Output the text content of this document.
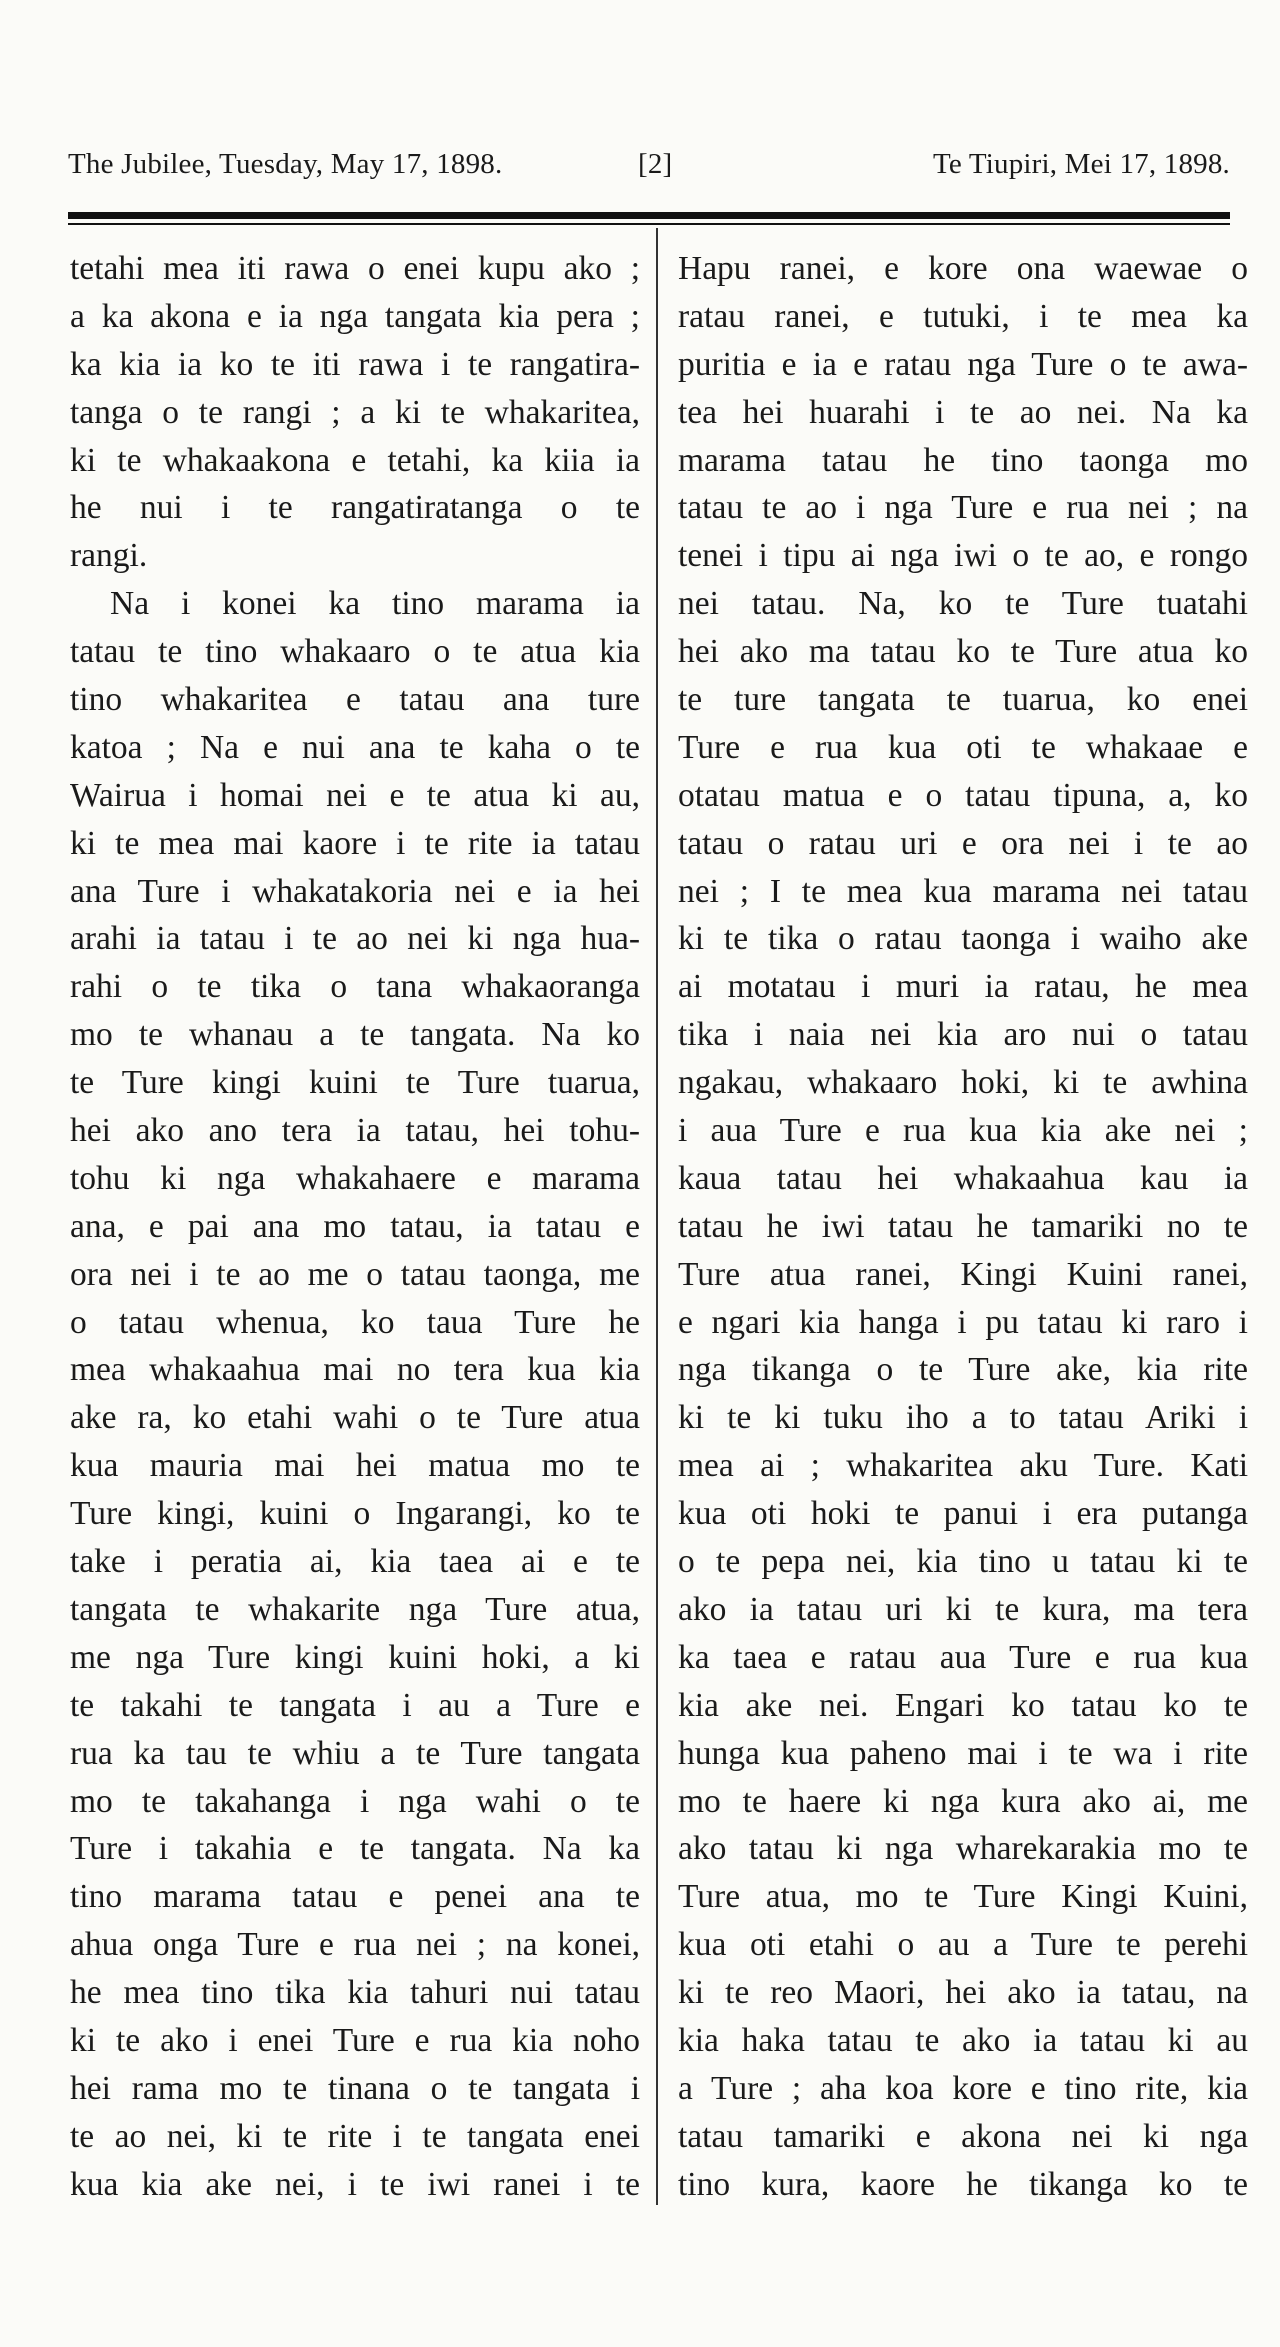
The Jubilee, Tuesday, May 17, 1898.	[2]	Te Tiupiri, Mei 17, 1898.
tetahi mea iti rawa o enei kupu ako ;
a ka akona e ia nga tangata kia pera ;
ka kia ia ko te iti rawa i te rangatira-
tanga o te rangi ; a ki te whakaritea,
ki te whakaakona e tetahi, ka kiia ia
he nui i te rangatiratanga o te
rangi.
Na i konei ka tino marama ia
tatau te tino whakaaro o te atua kia
tino whakaritea e tatau ana ture
katoa ; Na e nui ana te kaha o te
Wairua i homai nei e te atua ki au,
ki te mea mai kaore i te rite ia tatau
ana Ture i whakatakoria nei e ia hei
arahi ia tatau i te ao nei ki nga hua-
rahi o te tika o tana whakaoranga
mo te whanau a te tangata. Na ko
te Ture kingi kuini te Ture tuarua,
hei ako ano tera ia tatau, hei tohu-
tohu ki nga whakahaere e marama
ana, e pai ana mo tatau, ia tatau e
ora nei i te ao me o tatau taonga, me
o tatau whenua, ko taua Ture he
mea whakaahua mai no tera kua kia
ake ra, ko etahi wahi o te Ture atua
kua mauria mai hei matua mo te
Ture kingi, kuini o Ingarangi, ko te
take i peratia ai, kia taea ai e te
tangata te whakarite nga Ture atua,
me nga Ture kingi kuini hoki, a ki
te takahi te tangata i au a Ture e
rua ka tau te whiu a te Ture tangata
mo te takahanga i nga wahi o te
Ture i takahia e te tangata. Na ka
tino marama tatau e penei ana te
ahua onga Ture e rua nei ; na konei,
he mea tino tika kia tahuri nui tatau
ki te ako i enei Ture e rua kia noho
hei rama mo te tinana o te tangata i
te ao nei, ki te rite i te tangata enei
kua kia ake nei, i te iwi ranei i te
Hapu ranei, e kore ona waewae o
ratau ranei, e tutuki, i te mea ka
puritia e ia e ratau nga Ture o te awa-
tea hei huarahi i te ao nei. Na ka
marama tatau he tino taonga mo
tatau te ao i nga Ture e rua nei ; na
tenei i tipu ai nga iwi o te ao, e rongo
nei tatau. Na, ko te Ture tuatahi
hei ako ma tatau ko te Ture atua ko
te ture tangata te tuarua, ko enei
Ture e rua kua oti te whakaae e
otatau matua e o tatau tipuna, a, ko
tatau o ratau uri e ora nei i te ao
nei ; I te mea kua marama nei tatau
ki te tika o ratau taonga i waiho ake
ai motatau i muri ia ratau, he mea
tika i naia nei kia aro nui o tatau
ngakau, whakaaro hoki, ki te awhina
i aua Ture e rua kua kia ake nei ;
kaua tatau hei whakaahua kau ia
tatau he iwi tatau he tamariki no te
Ture atua ranei, Kingi Kuini ranei,
e ngari kia hanga i pu tatau ki raro i
nga tikanga o te Ture ake, kia rite
ki te ki tuku iho a to tatau Ariki i
mea ai ; whakaritea aku Ture. Kati
kua oti hoki te panui i era putanga
o te pepa nei, kia tino u tatau ki te
ako ia tatau uri ki te kura, ma tera
ka taea e ratau aua Ture e rua kua
kia ake nei. Engari ko tatau ko te
hunga kua paheno mai i te wa i rite
mo te haere ki nga kura ako ai, me
ako tatau ki nga wharekarakia mo te
Ture atua, mo te Ture Kingi Kuini,
kua oti etahi o au a Ture te perehi
ki te reo Maori, hei ako ia tatau, na
kia haka tatau te ako ia tatau ki au
a Ture ; aha koa kore e tino rite, kia
tatau tamariki e akona nei ki nga
tino kura, kaore he tikanga ko te
